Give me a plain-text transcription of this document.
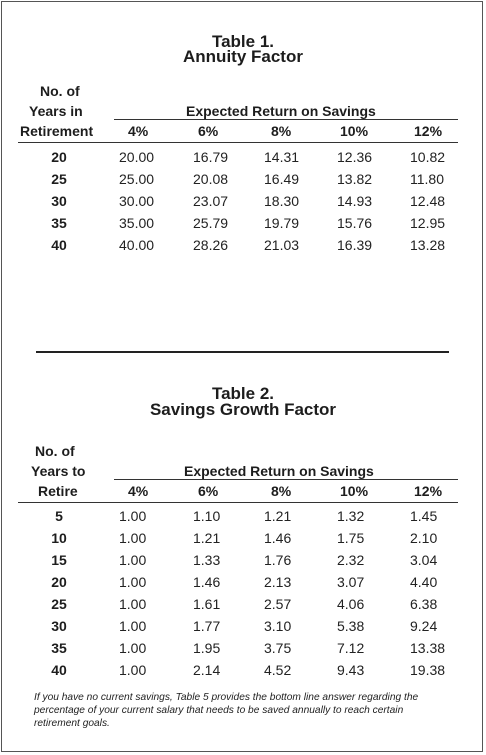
Table 1.
Annuity Factor
No. of
Years in
Retirement
Expected Return on Savings
4%	6%	8%	10%	12%
20	20.00	16.79	14.31	12.36	10.82
25	25.00	20.08	16.49	13.82	11.80
30	30.00	23.07	18.30	14.93	12.48
35	35.00	25.79	19.79	15.76	12.95
40	40.00	28.26	21.03	16.39	13.28
Table 2.
Savings Growth Factor
No. of
Years to
Retire
Expected Return on Savings
4%	6%	8%	10%	12%
5	1.00	1.10	1.21	1.32	1.45
10	1.00	1.21	1.46	1.75	2.10
15	1.00	1.33	1.76	2.32	3.04
20	1.00	1.46	2.13	3.07	4.40
25	1.00	1.61	2.57	4.06	6.38
30	1.00	1.77	3.10	5.38	9.24
35	1.00	1.95	3.75	7.12	13.38
40	1.00	2.14	4.52	9.43	19.38
If you have no current savings, Table 5 provides the bottom line answer regarding the
percentage of your current salary that needs to be saved annually to reach certain
retirement goals.
